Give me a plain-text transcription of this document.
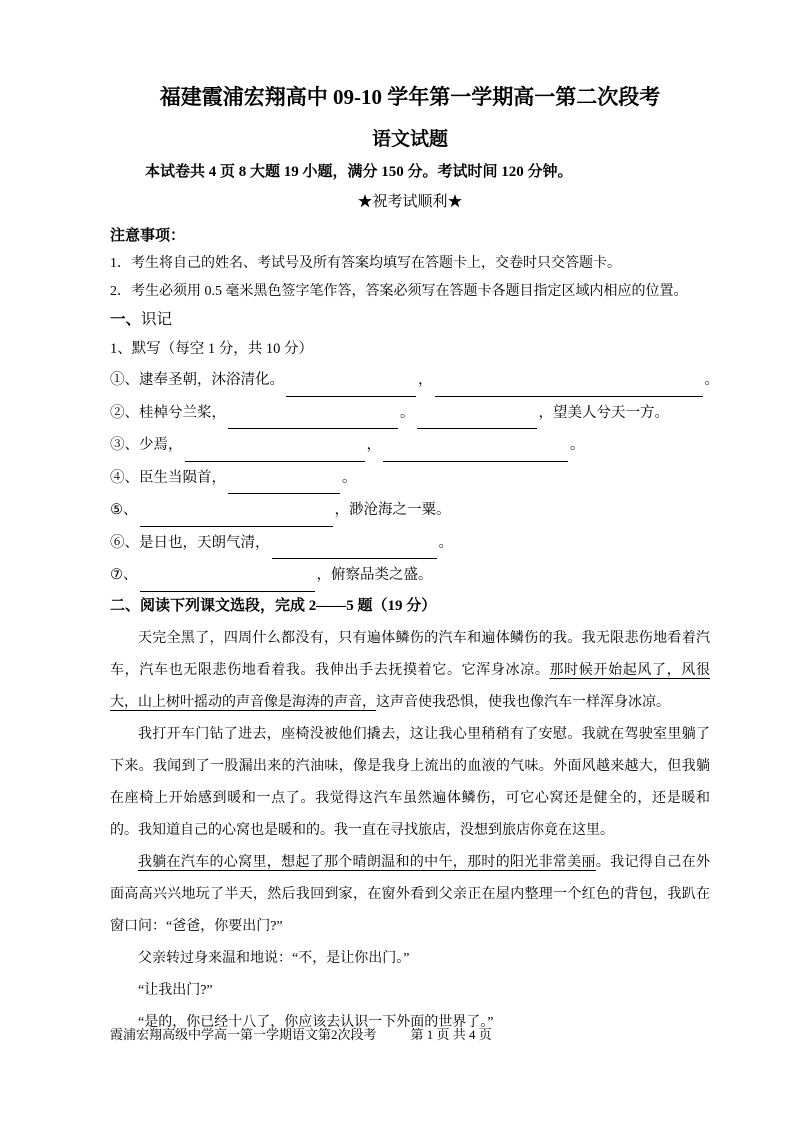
福建霞浦宏翔高中 09-10 学年第一学期高一第二次段考
语文试题
本试卷共 4 页 8 大题 19 小题，满分 150 分。考试时间 120 分钟。
★祝考试顺利★
注意事项：
1．考生将自己的姓名、考试号及所有答案均填写在答题卡上，交卷时只交答题卡。
2．考生必须用 0.5 毫米黑色签字笔作答，答案必须写在答题卡各题目指定区域内相应的位置。
一、识记
1、默写（每空 1 分，共 10 分）
①、逮奉圣朝，沐浴清化。	，	。
②、桂棹兮兰桨，	。	，望美人兮天一方。
③、少焉，	，	。
④、臣生当陨首，	。
⑤、	，渺沧海之一粟。
⑥、是日也，天朗气清，	。
⑦、	，俯察品类之盛。
二、阅读下列课文选段，完成 2——5 题（19 分）

天完全黑了，四周什么都没有，只有遍体鳞伤的汽车和遍体鳞伤的我。我无限悲伤地看着汽车，汽车也无限悲伤地看着我。我伸出手去抚摸着它。它浑身冰凉。那时候开始起风了，风很大，山上树叶摇动的声音像是海涛的声音，这声音使我恐惧，使我也像汽车一样浑身冰凉。

我打开车门钻了进去，座椅没被他们撬去，这让我心里稍稍有了安慰。我就在驾驶室里躺了下来。我闻到了一股漏出来的汽油味，像是我身上流出的血液的气味。外面风越来越大，但我躺在座椅上开始感到暖和一点了。我觉得这汽车虽然遍体鳞伤，可它心窝还是健全的，还是暖和的。我知道自己的心窝也是暖和的。我一直在寻找旅店，没想到旅店你竟在这里。

我躺在汽车的心窝里，想起了那个晴朗温和的中午，那时的阳光非常美丽。我记得自己在外面高高兴兴地玩了半天，然后我回到家，在窗外看到父亲正在屋内整理一个红色的背包，我趴在窗口问：“爸爸，你要出门?”

父亲转过身来温和地说：“不，是让你出门。”

“让我出门?”

“是的，你已经十八了，你应该去认识一下外面的世界了。”

霞浦宏翔高级中学高一第一学期语文第2次段考	第 1 页 共 4 页
